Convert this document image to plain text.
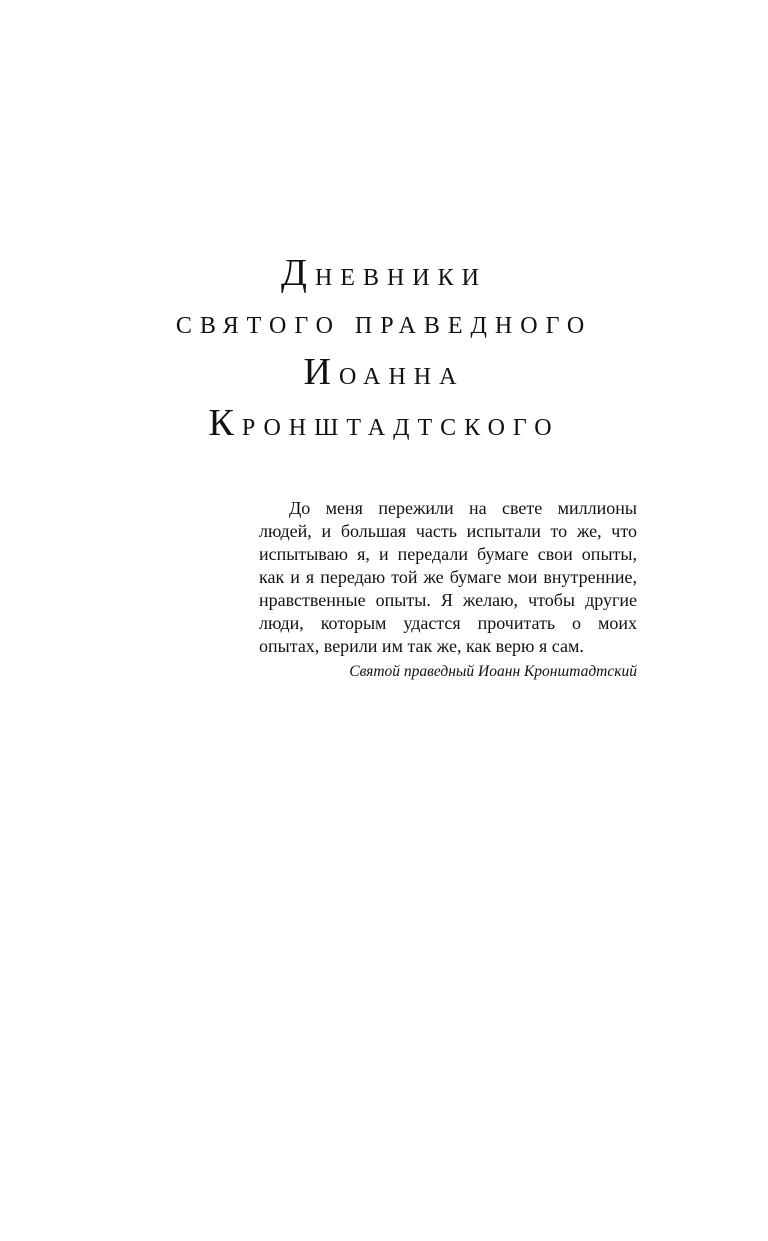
ДНЕВНИКИ
СВЯТОГО ПРАВЕДНОГО
ИОАННА
КРОНШТАДТСКОГО

До меня пережили на свете миллионы людей, и большая часть испытали то же, что испытываю я, и передали бумаге свои опыты, как и я передаю той же бумаге мои внутренние, нравственные опыты. Я желаю, чтобы другие люди, которым удастся прочитать о моих опытах, верили им так же, как верю я сам.

Святой праведный Иоанн Кронштадтский
